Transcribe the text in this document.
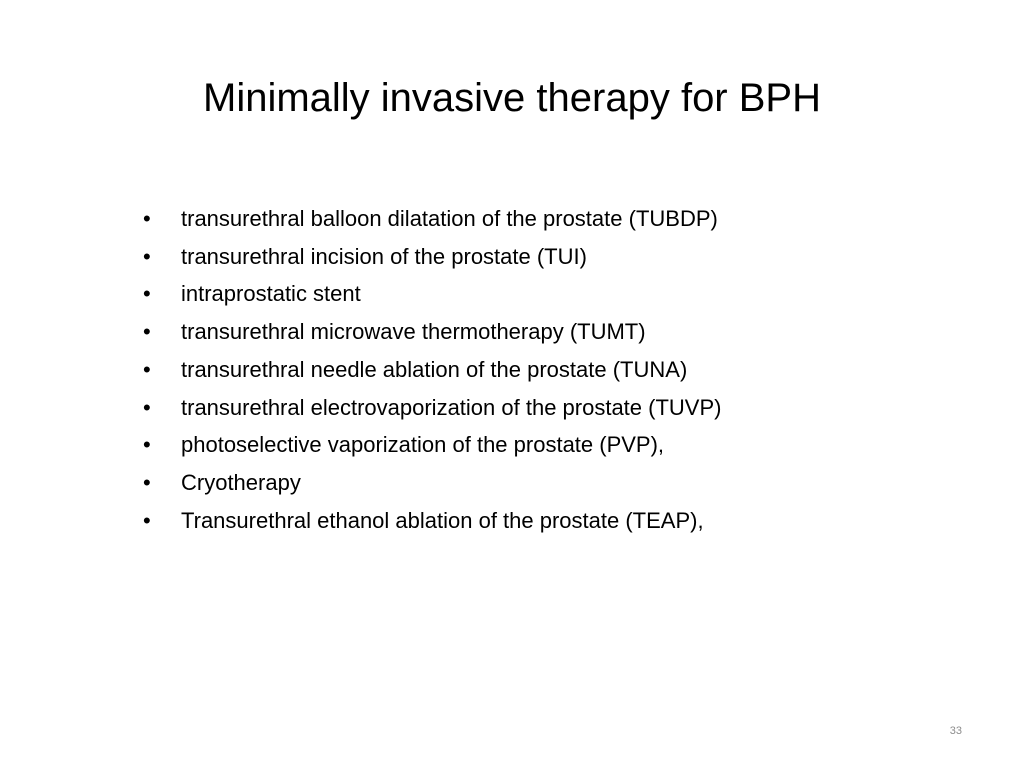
Minimally invasive therapy for BPH
•	transurethral balloon dilatation of the prostate (TUBDP)
•	transurethral incision of the prostate (TUI)
•	intraprostatic stent
•	transurethral microwave thermotherapy (TUMT)
•	transurethral needle ablation of the prostate (TUNA)
•	transurethral electrovaporization of the prostate (TUVP)
•	photoselective vaporization of the prostate (PVP),
•	Cryotherapy
•	Transurethral ethanol ablation of the prostate (TEAP),
33
